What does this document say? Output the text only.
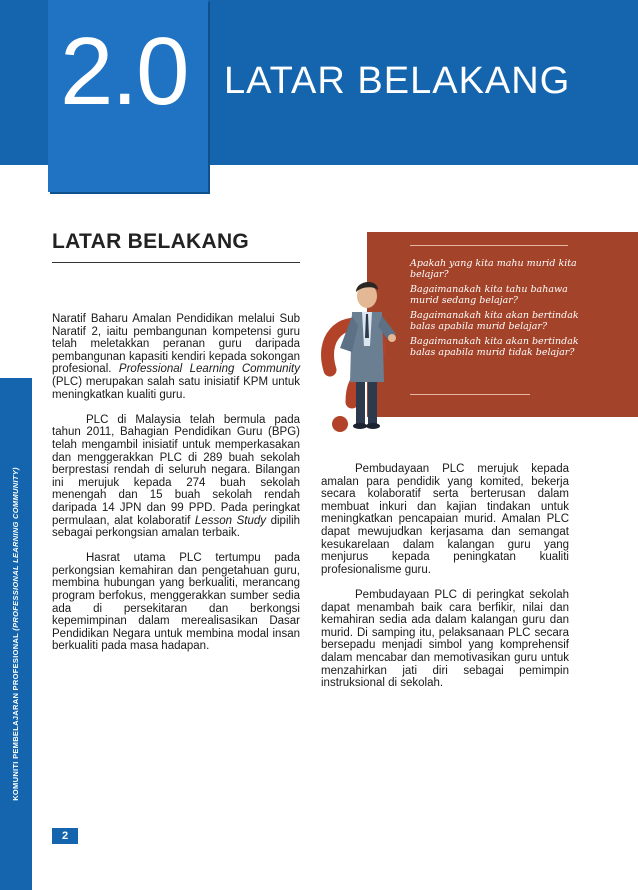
2.0 LATAR BELAKANG
KOMUNITI PEMBELAJARAN PROFESIONAL (PROFESSIONAL LEARNING COMMUNITY)
LATAR BELAKANG
Apakah yang kita mahu murid kita belajar?
Bagaimanakah kita tahu bahawa murid sedang belajar?
Bagaimanakah kita akan bertindak balas apabila murid belajar?
Bagaimanakah kita akan bertindak balas apabila murid tidak belajar?

Naratif Baharu Amalan Pendidikan melalui Sub Naratif 2, iaitu pembangunan kompetensi guru telah meletakkan peranan guru daripada pembangunan kapasiti kendiri kepada sokongan profesional. Professional Learning Community (PLC) merupakan salah satu inisiatif KPM untuk meningkatkan kualiti guru.

PLC di Malaysia telah bermula pada tahun 2011, Bahagian Pendidikan Guru (BPG) telah mengambil inisiatif untuk memperkasakan dan menggerakkan PLC di 289 buah sekolah berprestasi rendah di seluruh negara. Bilangan ini merujuk kepada 274 buah sekolah menengah dan 15 buah sekolah rendah daripada 14 JPN dan 99 PPD. Pada peringkat permulaan, alat kolaboratif Lesson Study dipilih sebagai perkongsian amalan terbaik.

Hasrat utama PLC tertumpu pada perkongsian kemahiran dan pengetahuan guru, membina hubungan yang berkualiti, merancang program berfokus, menggerakkan sumber sedia ada di persekitaran dan berkongsi kepemimpinan dalam merealisasikan Dasar Pendidikan Negara untuk membina modal insan berkualiti pada masa hadapan.

Pembudayaan PLC merujuk kepada amalan para pendidik yang komited, bekerja secara kolaboratif serta berterusan dalam membuat inkuri dan kajian tindakan untuk meningkatkan pencapaian murid. Amalan PLC dapat mewujudkan kerjasama dan semangat kesukarelaan dalam kalangan guru yang menjurus kepada peningkatan kualiti profesionalisme guru.

Pembudayaan PLC di peringkat sekolah dapat menambah baik cara berfikir, nilai dan kemahiran sedia ada dalam kalangan guru dan murid. Di samping itu, pelaksanaan PLC secara bersepadu menjadi simbol yang komprehensif dalam mencabar dan memotivasikan guru untuk menzahirkan jati diri sebagai pemimpin instruksional di sekolah.

2
